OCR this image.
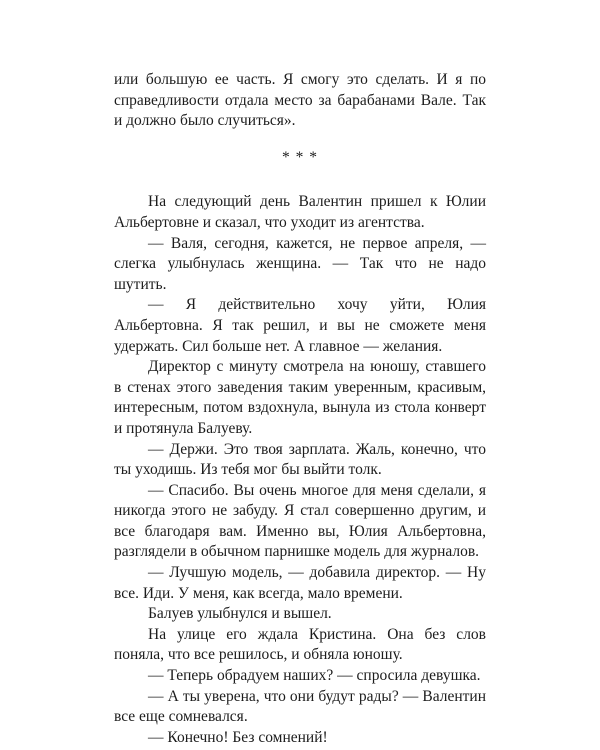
или большую ее часть. Я смогу это сделать. И я по справедливости отдала место за барабанами Вале. Так и должно было случиться».

* * *

На следующий день Валентин пришел к Юлии Альбертовне и сказал, что уходит из агентства.

— Валя, сегодня, кажется, не первое апреля, — слегка улыбнулась женщина. — Так что не надо шутить.

— Я действительно хочу уйти, Юлия Альбертовна. Я так решил, и вы не сможете меня удержать. Сил больше нет. А главное — желания.

Директор с минуту смотрела на юношу, ставшего в стенах этого заведения таким уверенным, красивым, интересным, потом вздохнула, вынула из стола конверт и протянула Балуеву.

— Держи. Это твоя зарплата. Жаль, конечно, что ты уходишь. Из тебя мог бы выйти толк.

— Спасибо. Вы очень многое для меня сделали, я никогда этого не забуду. Я стал совершенно другим, и все благодаря вам. Именно вы, Юлия Альбертовна, разглядели в обычном парнишке модель для журналов.

— Лучшую модель, — добавила директор. — Ну все. Иди. У меня, как всегда, мало времени.

Балуев улыбнулся и вышел.

На улице его ждала Кристина. Она без слов поняла, что все решилось, и обняла юношу.

— Теперь обрадуем наших? — спросила девушка.

— А ты уверена, что они будут рады? — Валентин все еще сомневался.

— Конечно! Без сомнений!
